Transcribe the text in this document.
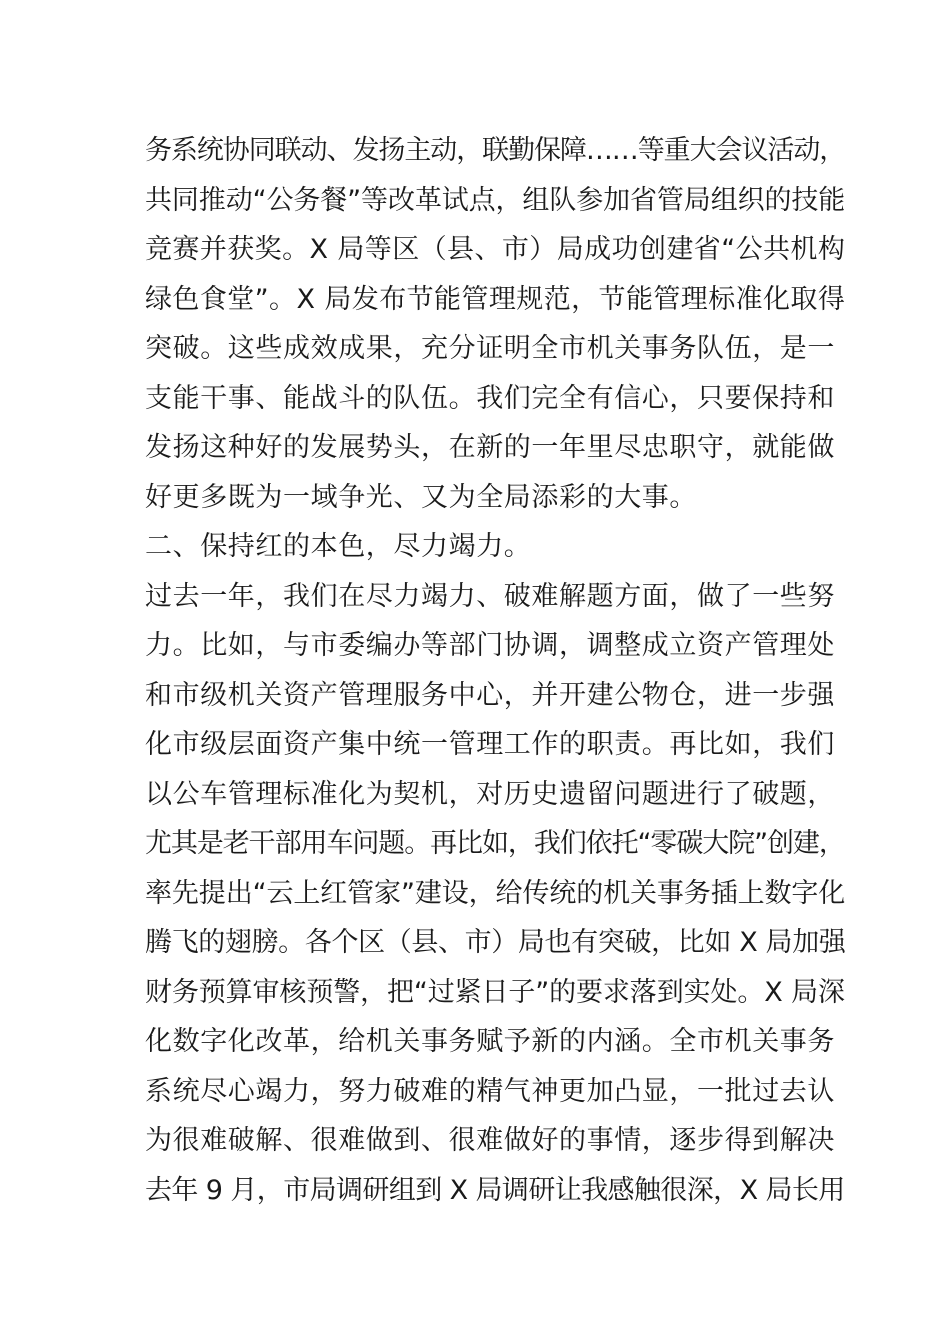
务系统协同联动、发扬主动，联勤保障……等重大会议活动，
共同推动“公务餐”等改革试点，组队参加省管局组织的技能
竞赛并获奖。X 局等区（县、市）局成功创建省“公共机构
绿色食堂”。X 局发布节能管理规范，节能管理标准化取得
突破。这些成效成果，充分证明全市机关事务队伍，是一
支能干事、能战斗的队伍。我们完全有信心，只要保持和
发扬这种好的发展势头，在新的一年里尽忠职守，就能做
好更多既为一域争光、又为全局添彩的大事。
二、保持红的本色，尽力竭力。
过去一年，我们在尽力竭力、破难解题方面，做了一些努
力。比如，与市委编办等部门协调，调整成立资产管理处
和市级机关资产管理服务中心，并开建公物仓，进一步强
化市级层面资产集中统一管理工作的职责。再比如，我们
以公车管理标准化为契机，对历史遗留问题进行了破题，
尤其是老干部用车问题。再比如，我们依托“零碳大院”创建，
率先提出“云上红管家”建设，给传统的机关事务插上数字化
腾飞的翅膀。各个区（县、市）局也有突破，比如 X 局加强
财务预算审核预警，把“过紧日子”的要求落到实处。X 局深
化数字化改革，给机关事务赋予新的内涵。全市机关事务
系统尽心竭力，努力破难的精气神更加凸显，一批过去认
为很难破解、很难做到、很难做好的事情，逐步得到解决
去年 9 月，市局调研组到 X 局调研让我感触很深，X 局长用
